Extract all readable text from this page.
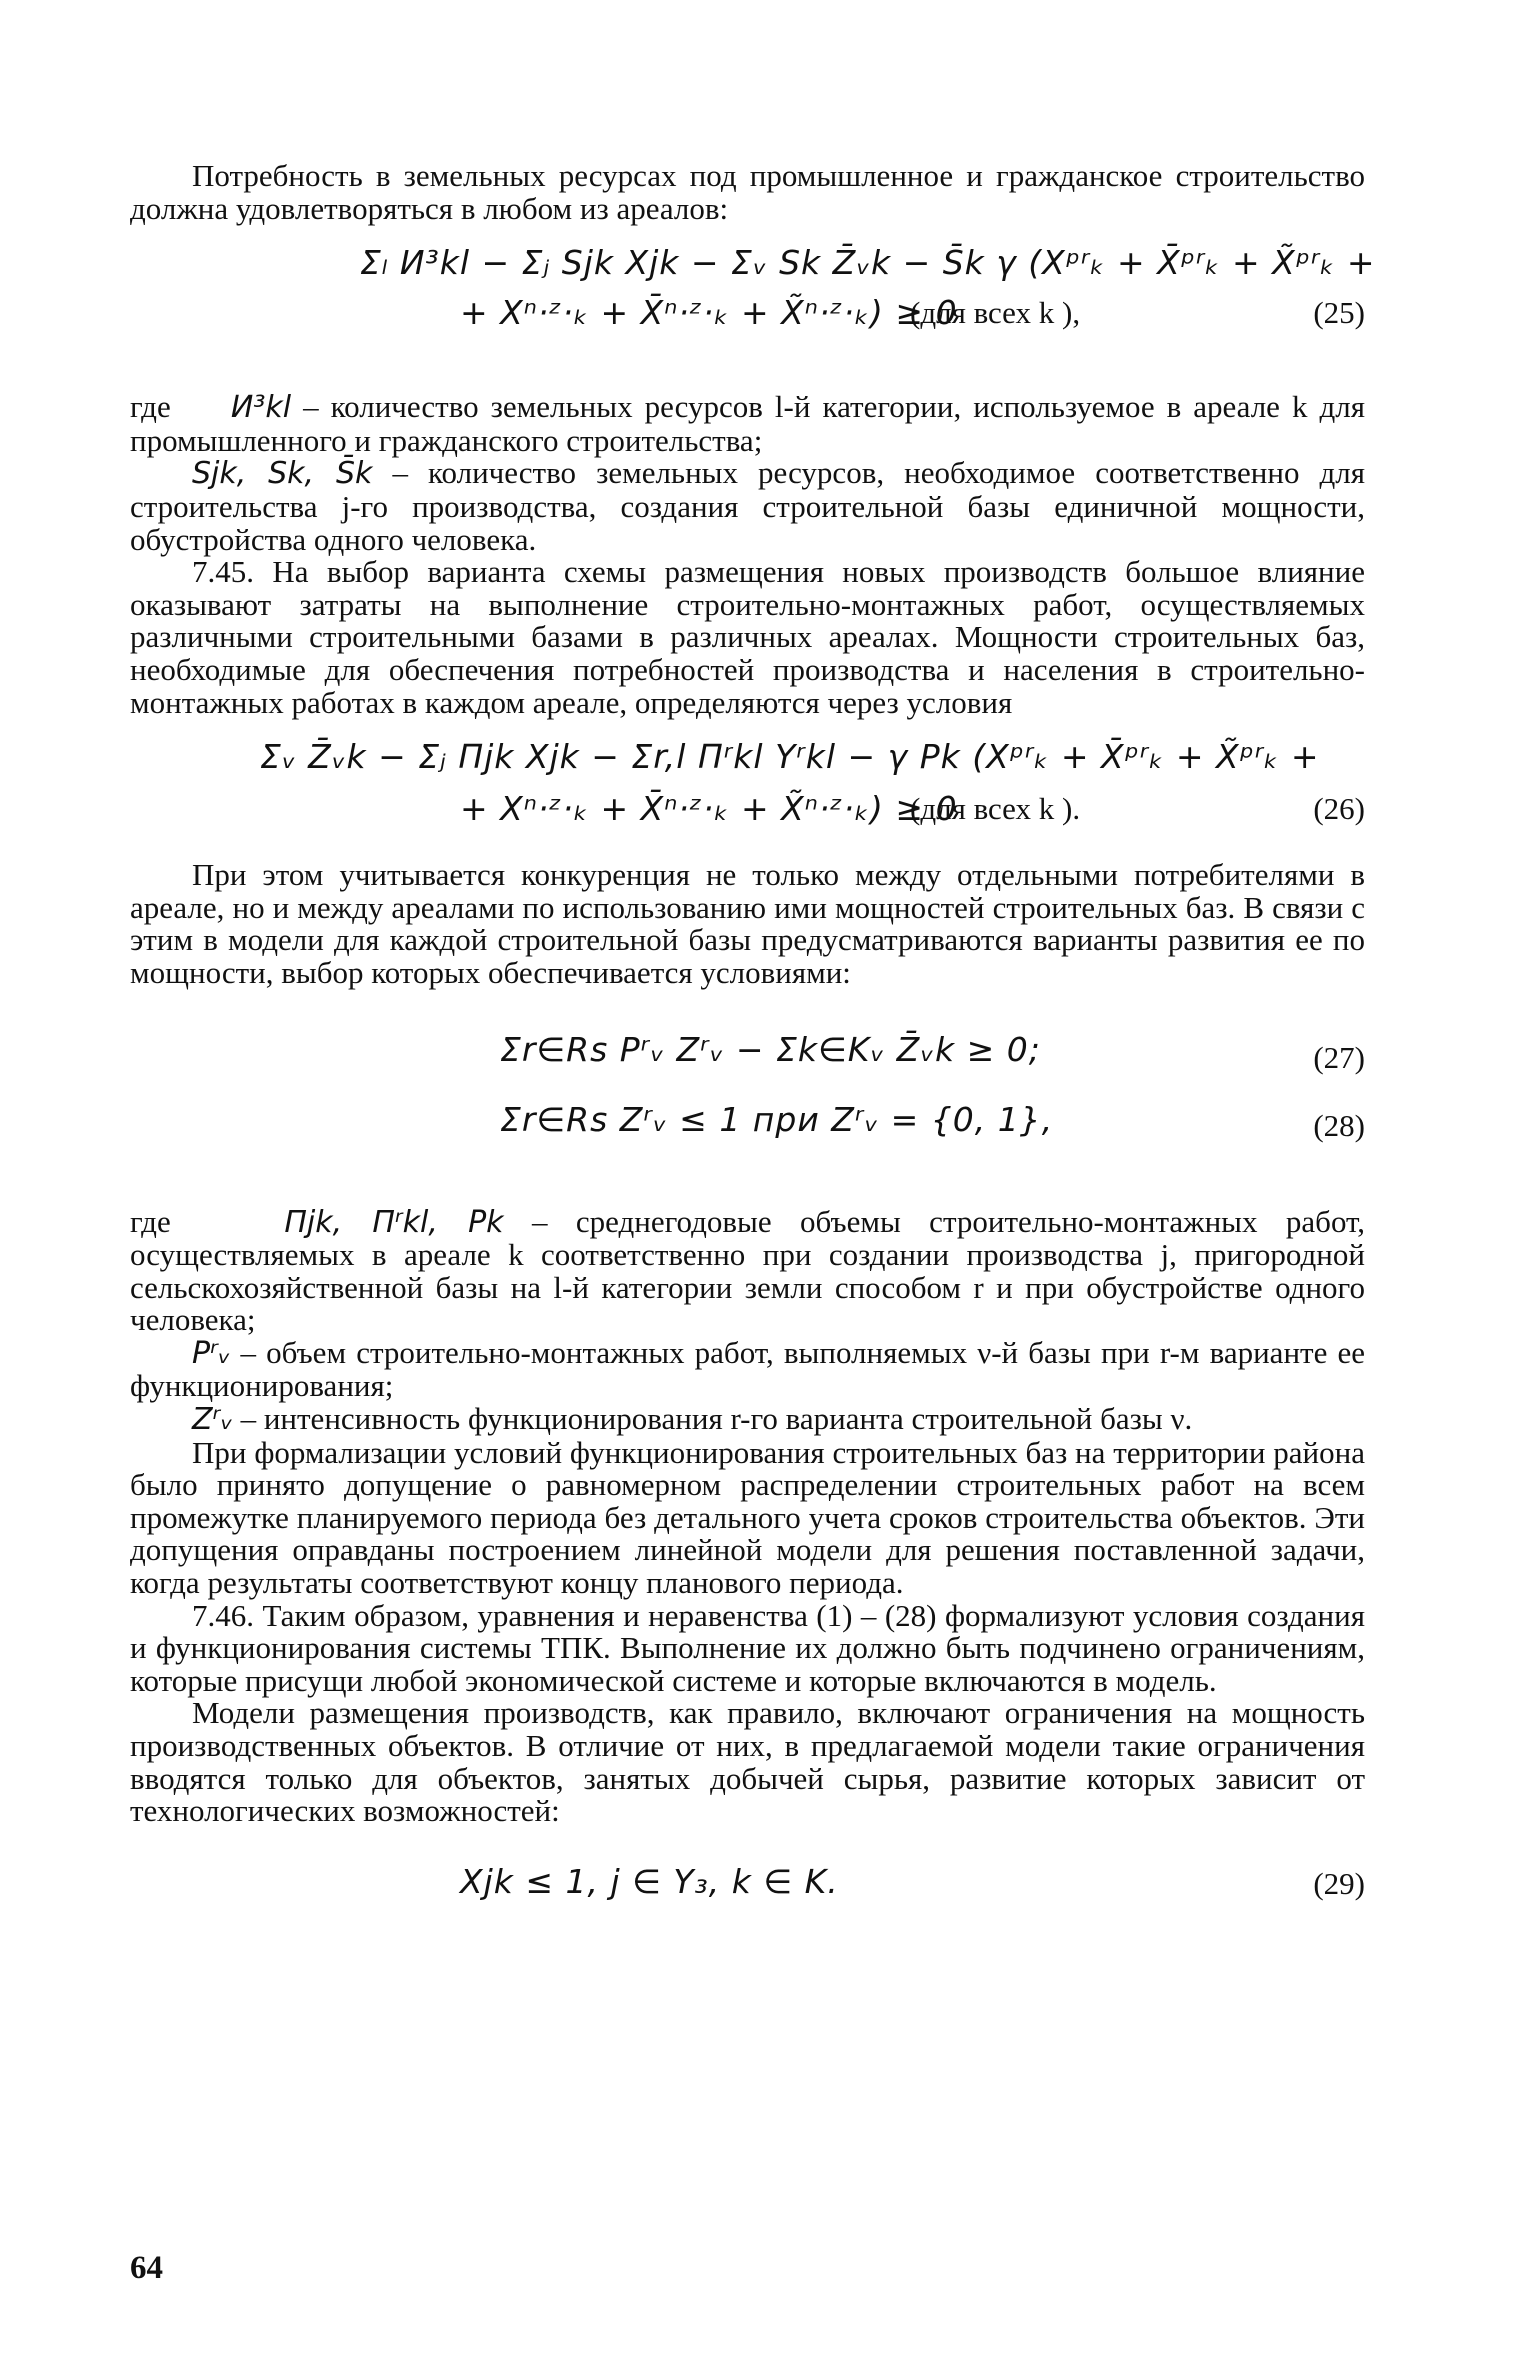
Потребность в земельных ресурсах под промышленное и гражданское строительство должна удовлетворяться в любом из ареалов:

Σₗ И³kl − Σⱼ Sjk Xjk − Σᵥ Sk Z̄ᵥk − S̄k γ (Xᵖʳₖ + X̄ᵖʳₖ + X̃ᵖʳₖ +
+ Xⁿ·ᶻ·ₖ + X̄ⁿ·ᶻ·ₖ + X̃ⁿ·ᶻ·ₖ) ≥ 0
(для всех k ),	(25)

где И³kl – количество земельных ресурсов l-й категории, используемое в ареале k для промышленного и гражданского строительства;

Sjk, Sk, S̄k – количество земельных ресурсов, необходимое соответственно для строительства j-го производства, создания строительной базы единичной мощности, обустройства одного человека.

7.45. На выбор варианта схемы размещения новых производств большое влияние оказывают затраты на выполнение строительно-монтажных работ, осуществляемых различными строительными базами в различных ареалах. Мощности строительных баз, необходимые для обеспечения потребностей производства и населения в строительно-монтажных работах в каждом ареале, определяются через условия

Σᵥ Z̄ᵥk − Σⱼ Пjk Xjk − Σr,l Пʳkl Yʳkl − γ Pk (Xᵖʳₖ + X̄ᵖʳₖ + X̃ᵖʳₖ +
+ Xⁿ·ᶻ·ₖ + X̄ⁿ·ᶻ·ₖ + X̃ⁿ·ᶻ·ₖ) ≥ 0
(для всех k ).	(26)

При этом учитывается конкуренция не только между отдельными потребителями в ареале, но и между ареалами по использованию ими мощностей строительных баз. В связи с этим в модели для каждой строительной базы предусматриваются варианты развития ее по мощности, выбор которых обеспечивается условиями:

Σr∈Rs Pʳᵥ Zʳᵥ − Σk∈Kᵥ Z̄ᵥk ≥ 0;	(27)
Σr∈Rs Zʳᵥ ≤ 1 при Zʳᵥ = {0, 1},	(28)

где	Пjk, Пʳkl, Pk – среднегодовые объемы строительно-монтажных работ, осуществляемых в ареале k соответственно при создании производства j, пригородной сельскохозяйственной базы на l-й категории земли способом r и при обустройстве одного человека;

Pʳᵥ – объем строительно-монтажных работ, выполняемых ν-й базы при r-м варианте ее функционирования;

Zʳᵥ – интенсивность функционирования r-го варианта строительной базы ν.

При формализации условий функционирования строительных баз на территории района было принято допущение о равномерном распределении строительных работ на всем промежутке планируемого периода без детального учета сроков строительства объектов. Эти допущения оправданы построением линейной модели для решения поставленной задачи, когда результаты соответствуют концу планового периода.

7.46. Таким образом, уравнения и неравенства (1) – (28) формализуют условия создания и функционирования системы ТПК. Выполнение их должно быть подчинено ограничениям, которые присущи любой экономической системе и которые включаются в модель.

Модели размещения производств, как правило, включают ограничения на мощность производственных объектов. В отличие от них, в предлагаемой модели такие ограничения вводятся только для объектов, занятых добычей сырья, развитие которых зависит от технологических возможностей:

Xjk ≤ 1, j ∈ Y₃, k ∈ K.	(29)
64
